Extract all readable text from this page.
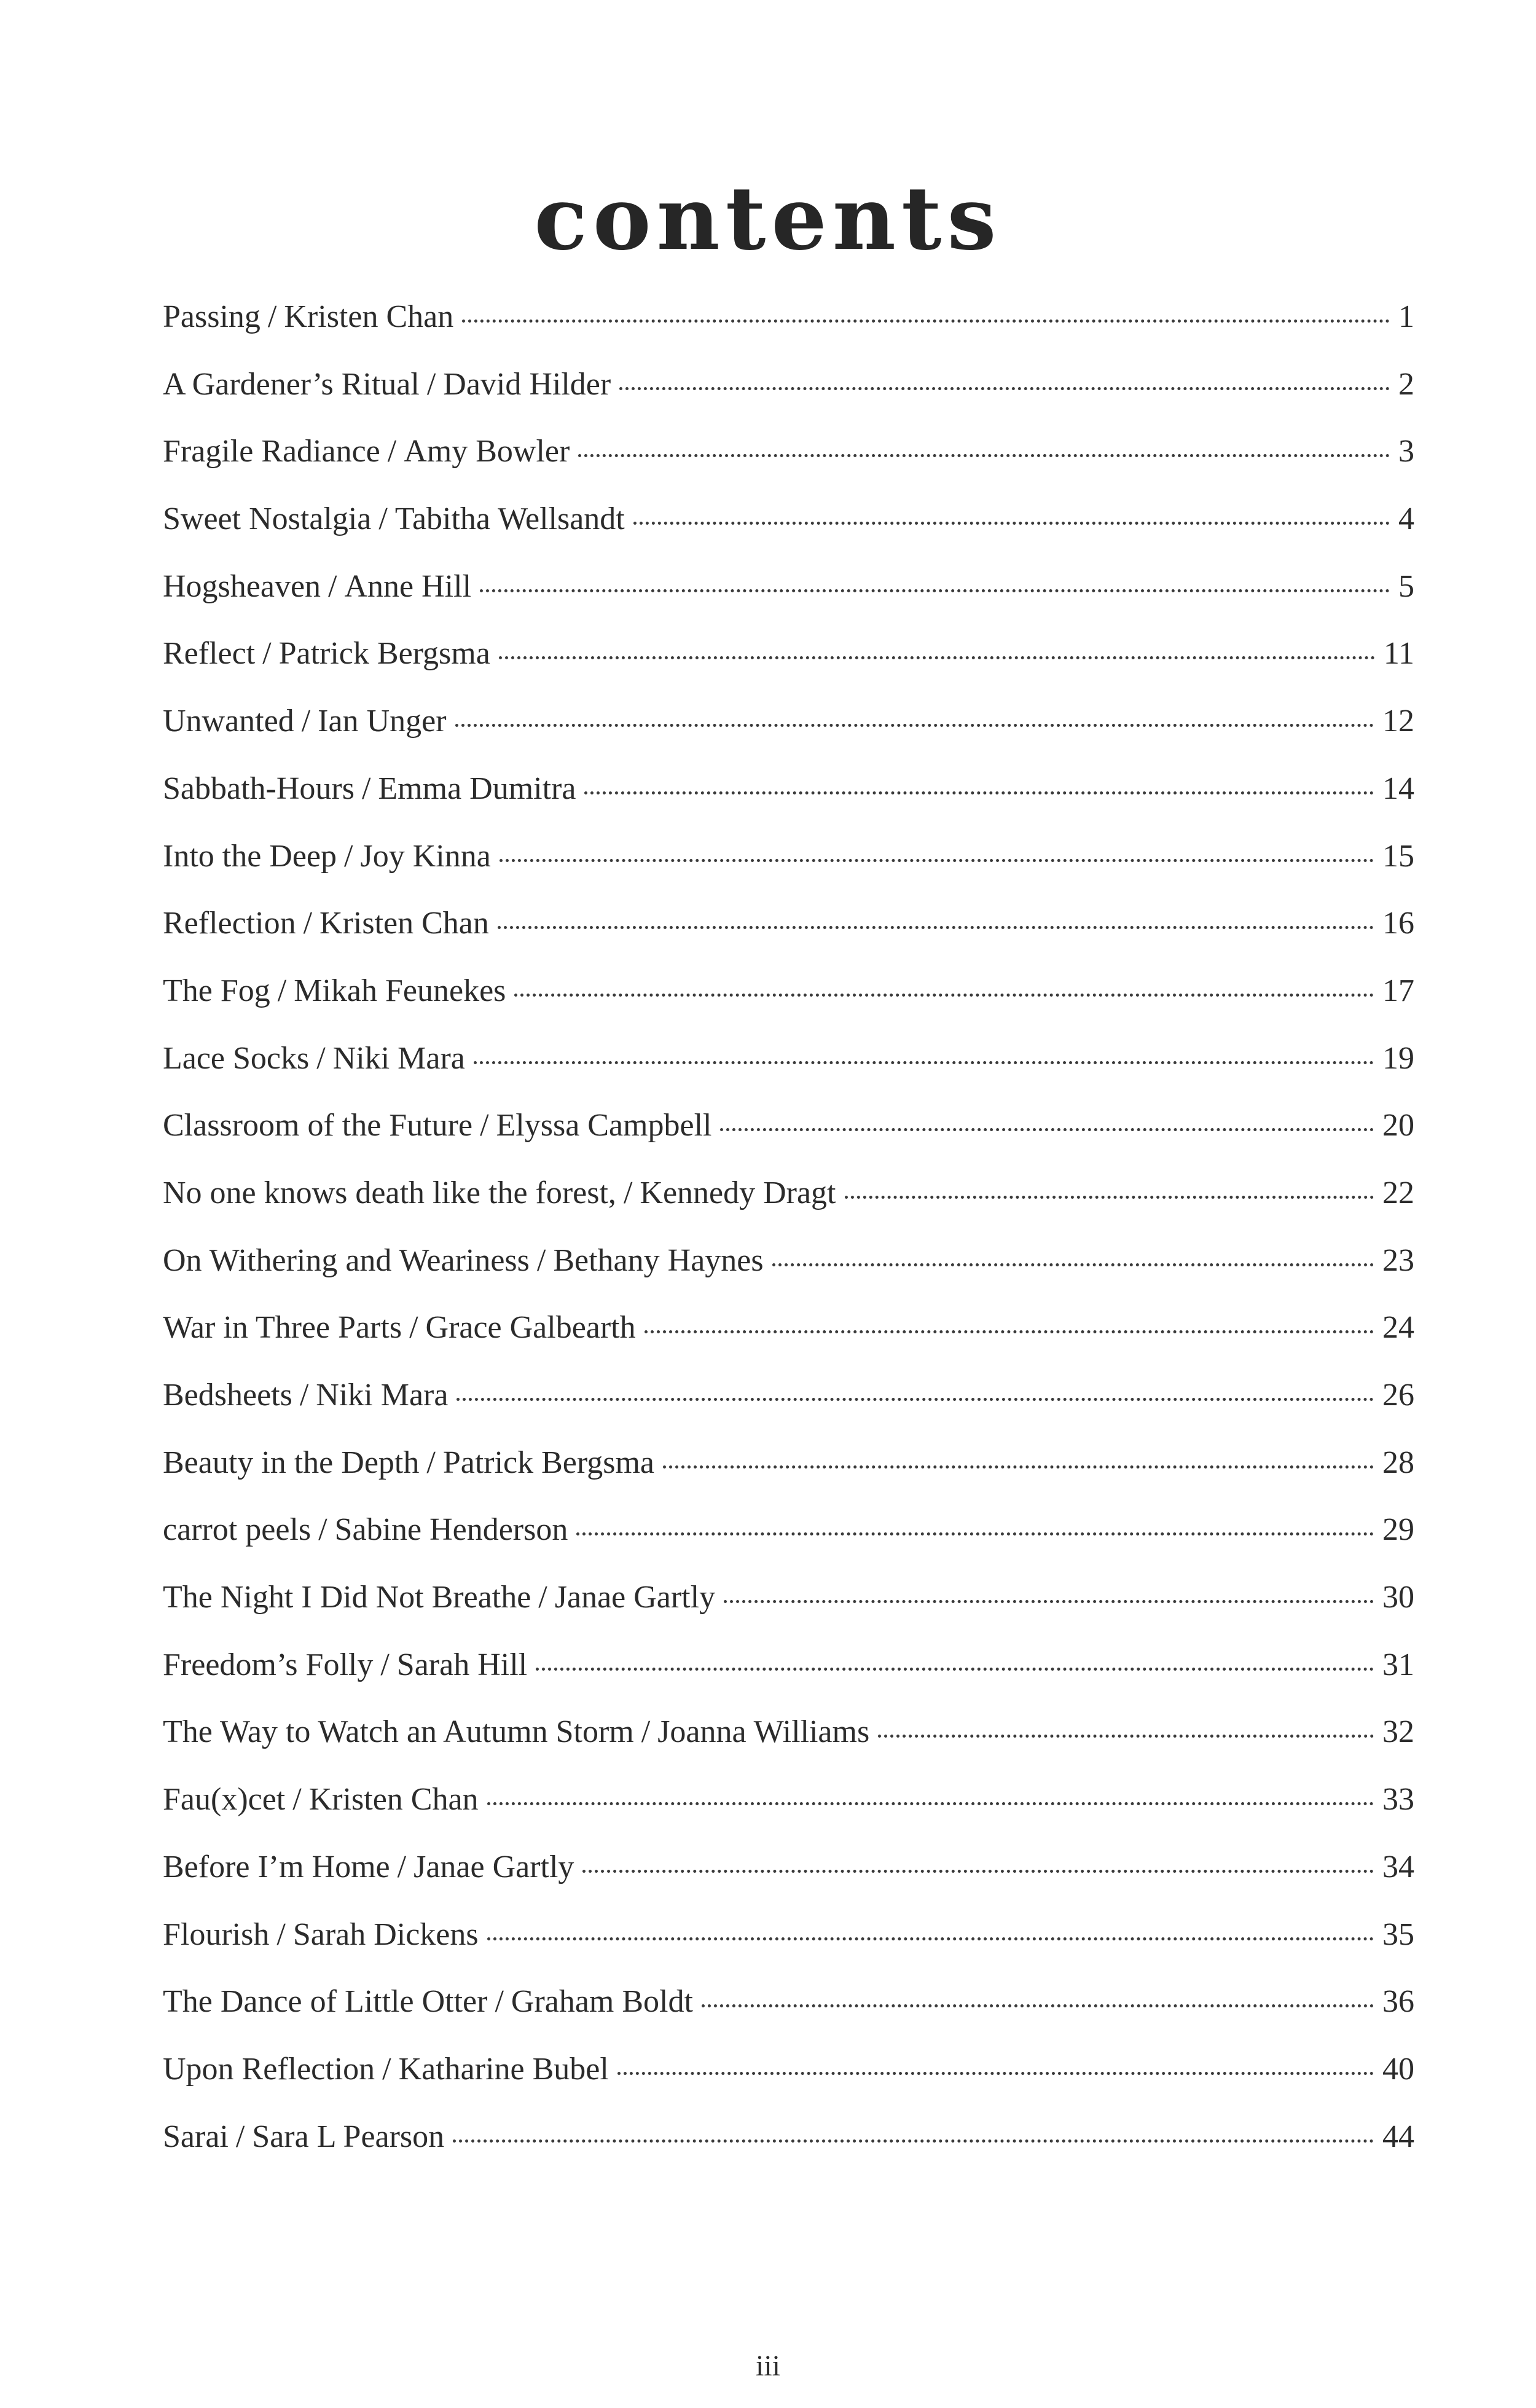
contents
Passing / Kristen Chan	1
A Gardener’s Ritual / David Hilder	2
Fragile Radiance / Amy Bowler	3
Sweet Nostalgia / Tabitha Wellsandt	4
Hogsheaven / Anne Hill	5
Reflect / Patrick Bergsma	11
Unwanted / Ian Unger	12
Sabbath-Hours / Emma Dumitra	14
Into the Deep / Joy Kinna	15
Reflection / Kristen Chan	16
The Fog / Mikah Feunekes	17
Lace Socks / Niki Mara	19
Classroom of the Future / Elyssa Campbell	20
No one knows death like the forest, / Kennedy Dragt	22
On Withering and Weariness / Bethany Haynes	23
War in Three Parts / Grace Galbearth	24
Bedsheets / Niki Mara	26
Beauty in the Depth / Patrick Bergsma	28
carrot peels / Sabine Henderson	29
The Night I Did Not Breathe / Janae Gartly	30
Freedom’s Folly / Sarah Hill	31
The Way to Watch an Autumn Storm / Joanna Williams	32
Fau(x)cet / Kristen Chan	33
Before I’m Home / Janae Gartly	34
Flourish / Sarah Dickens	35
The Dance of Little Otter / Graham Boldt	36
Upon Reflection / Katharine Bubel	40
Sarai / Sara L Pearson	44
iii
